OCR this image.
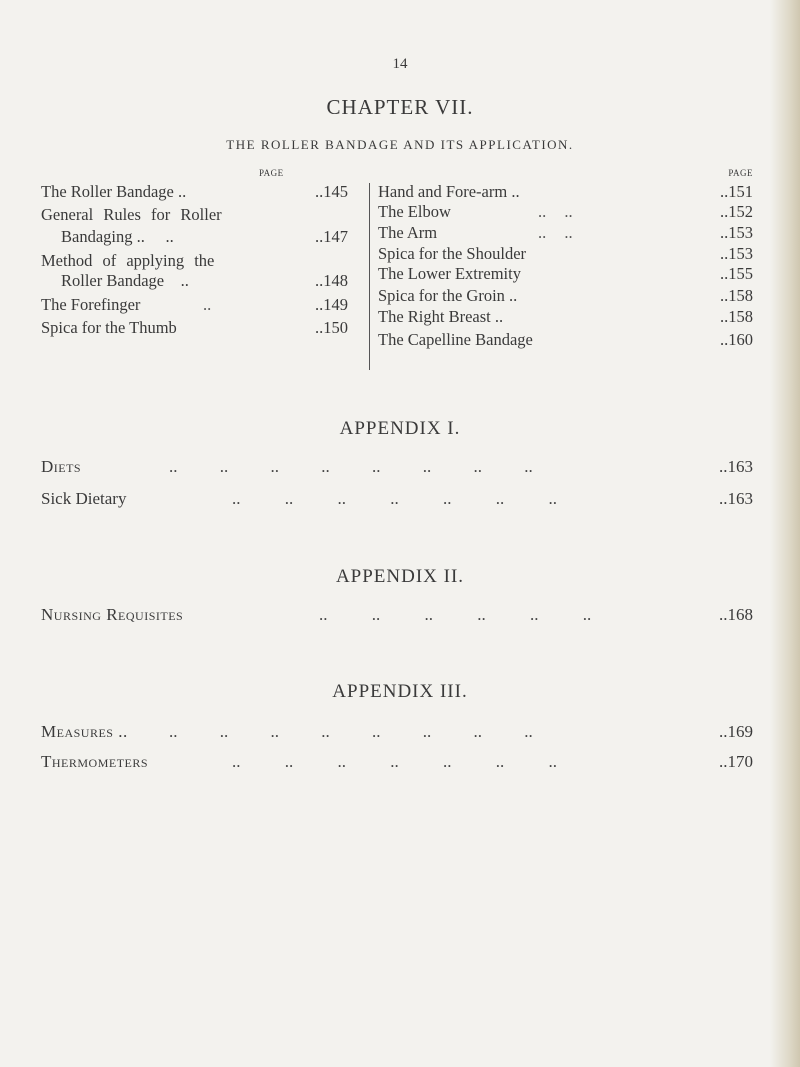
14
CHAPTER VII.
THE ROLLER BANDAGE AND ITS APPLICATION.
PAGE
The Roller Bandage ..	..145
General Rules for Roller
Bandaging ..     ..	..147
Method of applying the
Roller Bandage    ..	..148
The Forefinger	..	..149
Spica for the Thumb	..150
PAGE
Hand and Fore-arm ..	..151
The Elbow	.. ..	..152
The Arm	.. ..	..153
Spica for the Shoulder	..153
The Lower Extremity	..155
Spica for the Groin ..	..158
The Right Breast ..	..158
The Capelline Bandage	..160
APPENDIX I.
Diets	.. .. .. .. .. .. .. ..	..163
Sick Dietary	.. .. .. .. .. .. ..	..163
APPENDIX II.
Nursing Requisites	.. .. .. .. .. ..	..168
APPENDIX III.
Measures .. .. .. .. .. .. .. .. ..	..169
Thermometers	.. .. .. .. .. .. ..	..170
